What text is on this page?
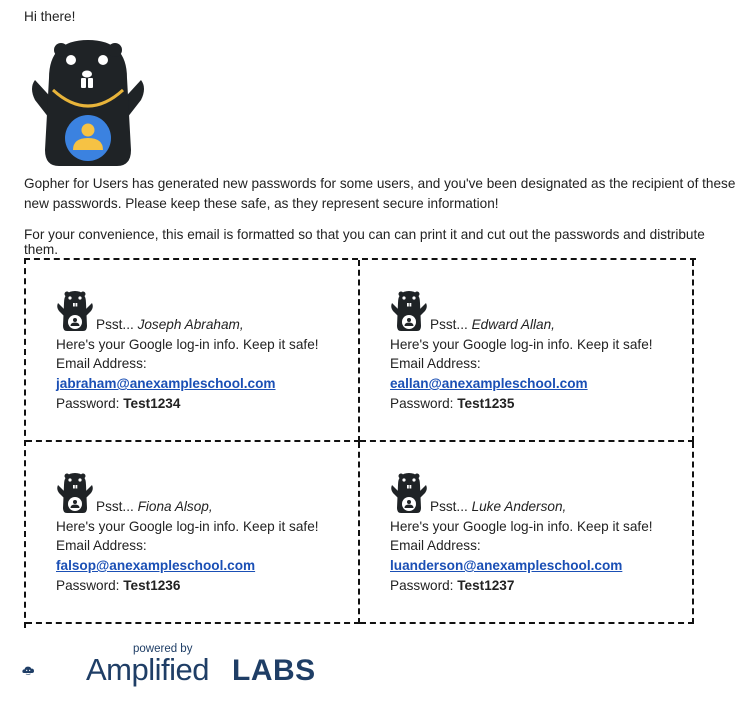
Hi there!
Gopher for Users has generated new passwords for some users, and you've been designated as the recipient of these new passwords. Please keep these safe, as they represent secure information!
For your convenience, this email is formatted so that you can can print it and cut out the passwords and distribute them.
Psst... Joseph Abraham,
Here's your Google log-in info. Keep it safe!
Email Address:
jabraham@anexampleschool.com
Password: Test1234
Psst... Edward Allan,
Here's your Google log-in info. Keep it safe!
Email Address:
eallan@anexampleschool.com
Password: Test1235
Psst... Fiona Alsop,
Here's your Google log-in info. Keep it safe!
Email Address:
falsop@anexampleschool.com
Password: Test1236
Psst... Luke Anderson,
Here's your Google log-in info. Keep it safe!
Email Address:
luanderson@anexampleschool.com
Password: Test1237
powered by
Amplified LABS
